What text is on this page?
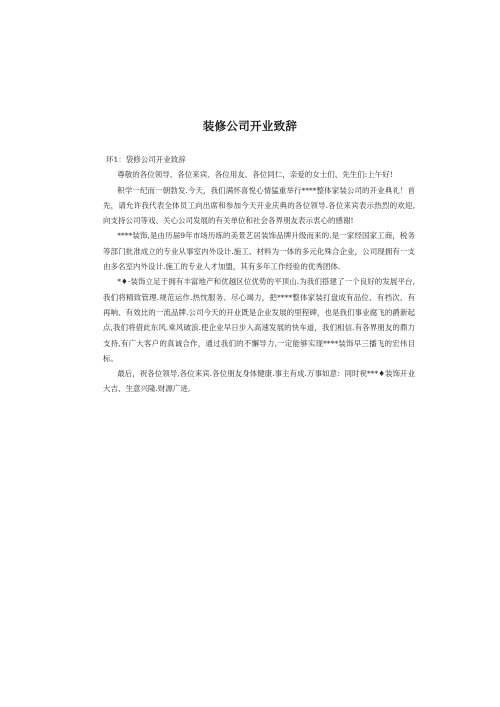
装修公司开业致辞

环1：袋修公司开业致辞

尊敬的各位领导、各位来宾、各位用友、各位同仁，亲爱的女士们、先生们:上午好!

积学一纪而一朝勃发.今天，我们满怀喜悦心情猛重举行****整体家装公司的开业典礼！首先，请允许我代表全体员工向出席和参加今天开业庆典的各位领导.各位来宾表示热烈的欢迎,向支持公司等戏、关心公司发展的有关单位和社会各界朋友表示衷心的感谢!

****装饰,是由历届9年市场历练的美景艺居装饰品牌升级而来的.是一家经国家工商，税务等部门批准成立的专业从事室内外设计.施工、材料为一体的多元化殊合企业，公司现拥有一支由多名室内外设计.施工的专业人才加盟，其有多年工作经验的优秀团体.

*♦-装饰立足于拥有丰富地产和优越区位优势的平顶山.为我们搭建了一个良好的发展平台,我们将精致管理.规范运作.热忱服务、尽心竭力，把****整体家装打盘成有品位、有档次、有再响、有效比的一流品牌.公司今天的开业既是企业发展的里程碑，也是我们事业腐飞的爵新起点,我们将借此东风.乘风破浪.使企业早日步入高速发展的快车道，我们相信.有各界朋友的鼎力支持,有广大客户的真诚合作，通过我们的不懈导力,一定能够实现****装饰早三播飞的宏伟目标。

最后，祝各位领导,各位来宾.各位朋友身体健康.事主有成.万事如意：同时祝***♦装饰开业大吉、生意兴隆.财源广进,
